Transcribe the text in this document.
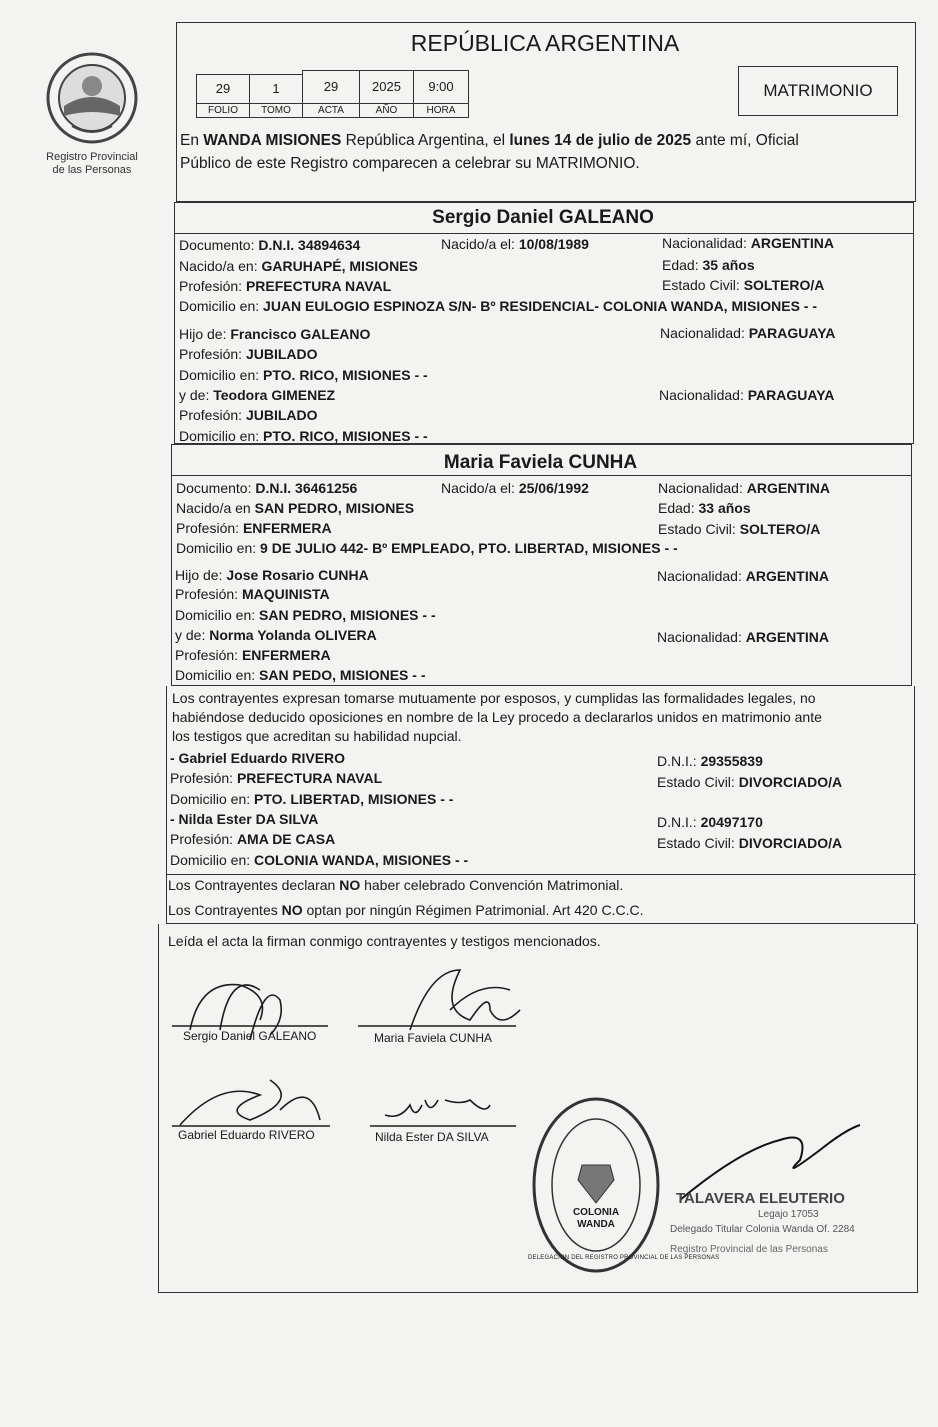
Registro Provincial
de las Personas
REPÚBLICA ARGENTINA
29	1	29	2025	9:00
FOLIO	TOMO	ACTA	AÑO	HORA
MATRIMONIO
En WANDA MISIONES República Argentina, el lunes 14 de julio de 2025 ante mí, Oficial
Público de este Registro comparecen a celebrar su MATRIMONIO.
Sergio Daniel GALEANO
Documento: D.N.I. 34894634	Nacido/a el: 10/08/1989	Nacionalidad: ARGENTINA
Nacido/a en: GARUHAPÉ, MISIONES	Edad: 35 años
Profesión: PREFECTURA NAVAL	Estado Civil: SOLTERO/A
Domicilio en: JUAN EULOGIO ESPINOZA S/N- Bº RESIDENCIAL- COLONIA WANDA, MISIONES - -
Hijo de: Francisco GALEANO	Nacionalidad: PARAGUAYA
Profesión: JUBILADO
Domicilio en: PTO. RICO, MISIONES - -
y de: Teodora GIMENEZ	Nacionalidad: PARAGUAYA
Profesión: JUBILADO
Domicilio en: PTO. RICO, MISIONES - -
Maria Faviela CUNHA
Documento: D.N.I. 36461256	Nacido/a el: 25/06/1992	Nacionalidad: ARGENTINA
Nacido/a en SAN PEDRO, MISIONES	Edad: 33 años
Profesión: ENFERMERA	Estado Civil: SOLTERO/A
Domicilio en: 9 DE JULIO 442- Bº EMPLEADO, PTO. LIBERTAD, MISIONES - -
Hijo de: Jose Rosario CUNHA	Nacionalidad: ARGENTINA
Profesión: MAQUINISTA
Domicilio en: SAN PEDRO, MISIONES - -
y de: Norma Yolanda OLIVERA	Nacionalidad: ARGENTINA
Profesión: ENFERMERA
Domicilio en: SAN PEDO, MISIONES - -
Los contrayentes expresan tomarse mutuamente por esposos, y cumplidas las formalidades legales, no
habiéndose deducido oposiciones en nombre de la Ley procedo a declararlos unidos en matrimonio ante
los testigos que acreditan su habilidad nupcial.
- Gabriel Eduardo RIVERO	D.N.I.: 29355839
Profesión: PREFECTURA NAVAL	Estado Civil: DIVORCIADO/A
Domicilio en: PTO. LIBERTAD, MISIONES - -
- Nilda Ester DA SILVA	D.N.I.: 20497170
Profesión: AMA DE CASA	Estado Civil: DIVORCIADO/A
Domicilio en: COLONIA WANDA, MISIONES - -
Los Contrayentes declaran NO haber celebrado Convención Matrimonial.
Los Contrayentes NO optan por ningún Régimen Patrimonial. Art 420 C.C.C.
Leída el acta la firman conmigo contrayentes y testigos mencionados.
Sergio Daniel GALEANO	Maria Faviela CUNHA
Gabriel Eduardo RIVERO	Nilda Ester DA SILVA
COLONIA
WANDA
DELEGACION DEL REGISTRO PROVINCIAL DE LAS PERSONAS
TALAVERA ELEUTERIO
Legajo 17053
Delegado Titular Colonia Wanda Of. 2284
Registro Provincial de las Personas
